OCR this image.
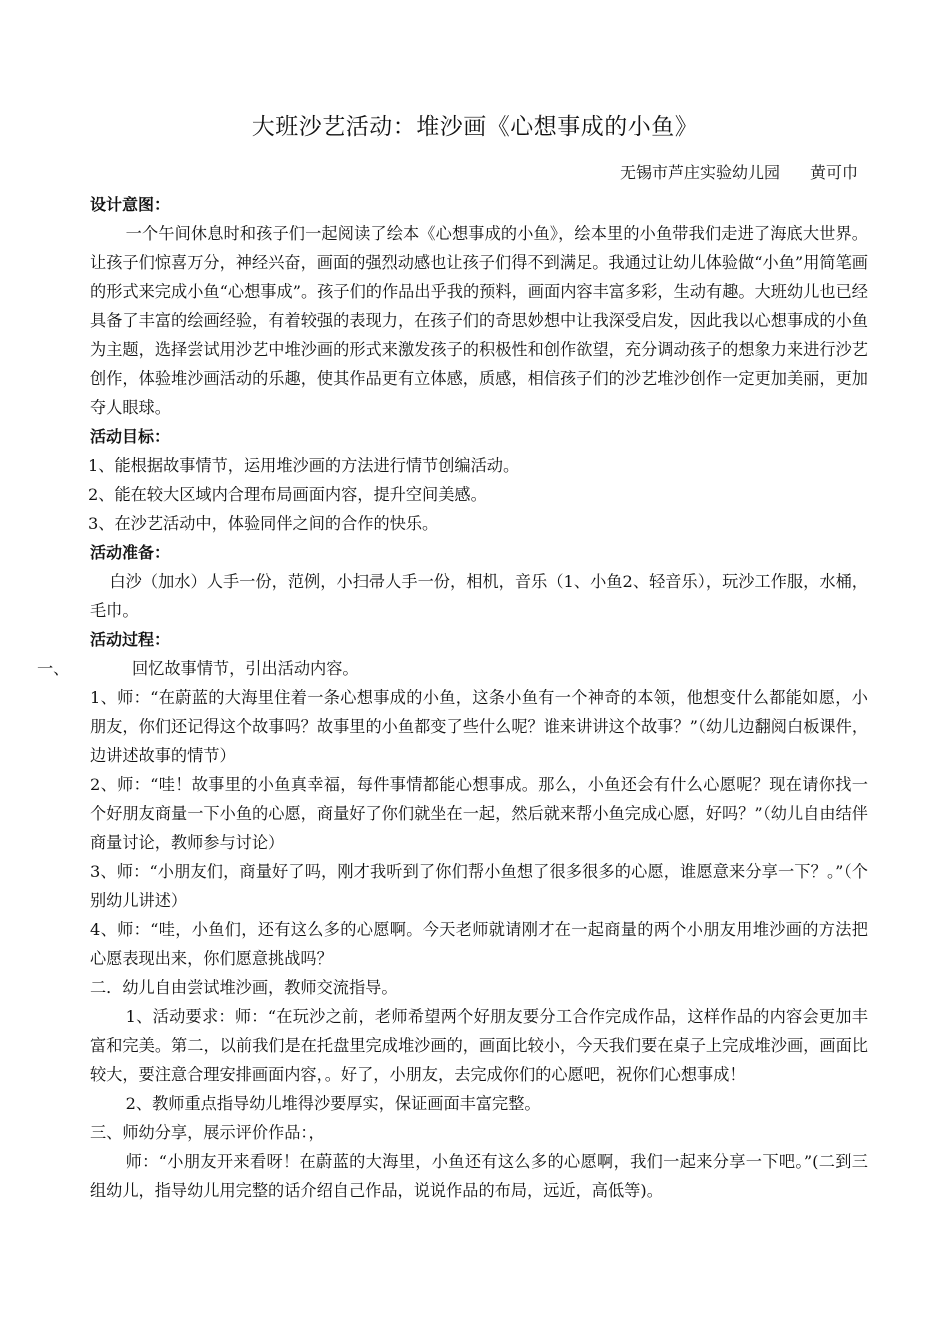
大班沙艺活动：堆沙画《心想事成的小鱼》
无锡市芦庄实验幼儿园 黄可巾

设计意图：

一个午间休息时和孩子们一起阅读了绘本《心想事成的小鱼》，绘本里的小鱼带我们走进了海底大世界。让孩子们惊喜万分，神经兴奋，画面的强烈动感也让孩子们得不到满足。我通过让幼儿体验做“小鱼”用简笔画的形式来完成小鱼“心想事成”。孩子们的作品出乎我的预料，画面内容丰富多彩，生动有趣。大班幼儿也已经具备了丰富的绘画经验，有着较强的表现力，在孩子们的奇思妙想中让我深受启发，因此我以心想事成的小鱼为主题，选择尝试用沙艺中堆沙画的形式来激发孩子的积极性和创作欲望，充分调动孩子的想象力来进行沙艺创作，体验堆沙画活动的乐趣，使其作品更有立体感，质感，相信孩子们的沙艺堆沙创作一定更加美丽，更加夺人眼球。

活动目标：

1、能根据故事情节，运用堆沙画的方法进行情节创编活动。

2、能在较大区域内合理布局画面内容，提升空间美感。

3、在沙艺活动中，体验同伴之间的合作的快乐。

活动准备：

白沙（加水）人手一份，范例，小扫帚人手一份，相机，音乐（1、小鱼2、轻音乐），玩沙工作服，水桶，毛巾。

活动过程：

一、	回忆故事情节，引出活动内容。

1、师：“在蔚蓝的大海里住着一条心想事成的小鱼，这条小鱼有一个神奇的本领，他想变什么都能如愿，小朋友，你们还记得这个故事吗？故事里的小鱼都变了些什么呢？谁来讲讲这个故事？”（幼儿边翻阅白板课件，边讲述故事的情节）

2、师：“哇！故事里的小鱼真幸福，每件事情都能心想事成。那么，小鱼还会有什么心愿呢？现在请你找一个好朋友商量一下小鱼的心愿，商量好了你们就坐在一起，然后就来帮小鱼完成心愿，好吗？”（幼儿自由结伴商量讨论，教师参与讨论）

3、师：“小朋友们，商量好了吗，刚才我听到了你们帮小鱼想了很多很多的心愿，谁愿意来分享一下？。”（个别幼儿讲述）

4、师：“哇，小鱼们，还有这么多的心愿啊。今天老师就请刚才在一起商量的两个小朋友用堆沙画的方法把心愿表现出来，你们愿意挑战吗？

二．幼儿自由尝试堆沙画，教师交流指导。

1、活动要求：师：“在玩沙之前，老师希望两个好朋友要分工合作完成作品，这样作品的内容会更加丰富和完美。第二，以前我们是在托盘里完成堆沙画的，画面比较小，今天我们要在桌子上完成堆沙画，画面比较大，要注意合理安排画面内容，。好了，小朋友，去完成你们的心愿吧，祝你们心想事成！

2、教师重点指导幼儿堆得沙要厚实，保证画面丰富完整。

三、师幼分享，展示评价作品：，

师：“小朋友开来看呀！在蔚蓝的大海里，小鱼还有这么多的心愿啊，我们一起来分享一下吧。”(二到三组幼儿，指导幼儿用完整的话介绍自己作品，说说作品的布局，远近，高低等)。
